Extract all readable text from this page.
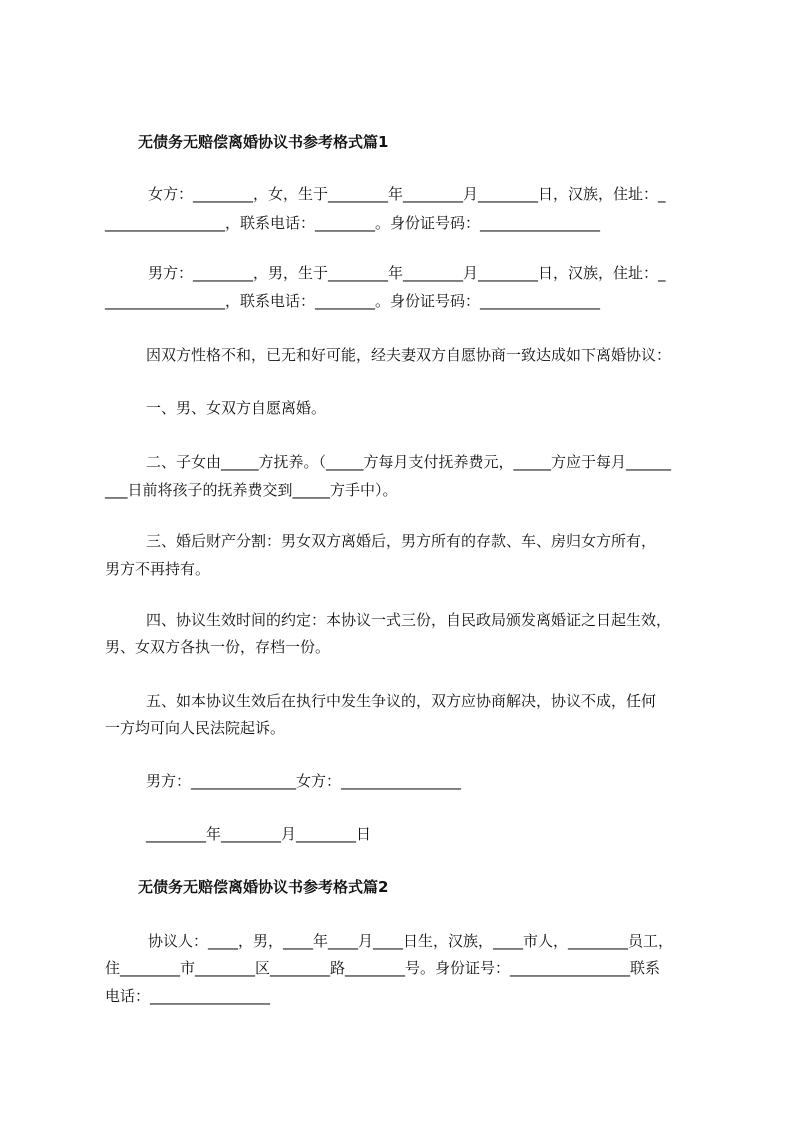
无债务无赔偿离婚协议书参考格式篇1

女方：________，女，生于________年________月________日，汉族，住址：_

________________，联系电话：________。身份证号码：________________

男方：________，男，生于________年________月________日，汉族，住址：_

________________，联系电话：________。身份证号码：________________

因双方性格不和，已无和好可能，经夫妻双方自愿协商一致达成如下离婚协议：

一、男、女双方自愿离婚。

二、子女由_____方抚养。（_____方每月支付抚养费元，_____方应于每月______

___日前将孩子的抚养费交到_____方手中）。

三、婚后财产分割：男女双方离婚后，男方所有的存款、车、房归女方所有，

男方不再持有。

四、协议生效时间的约定：本协议一式三份，自民政局颁发离婚证之日起生效，

男、女双方各执一份，存档一份。

五、如本协议生效后在执行中发生争议的，双方应协商解决，协议不成，任何

一方均可向人民法院起诉。

男方：______________女方：________________

________年________月________日

无债务无赔偿离婚协议书参考格式篇2

协议人：____，男，____年____月____日生，汉族，____市人，________员工，

住________市________区________路________号。身份证号：________________联系

电话：________________
